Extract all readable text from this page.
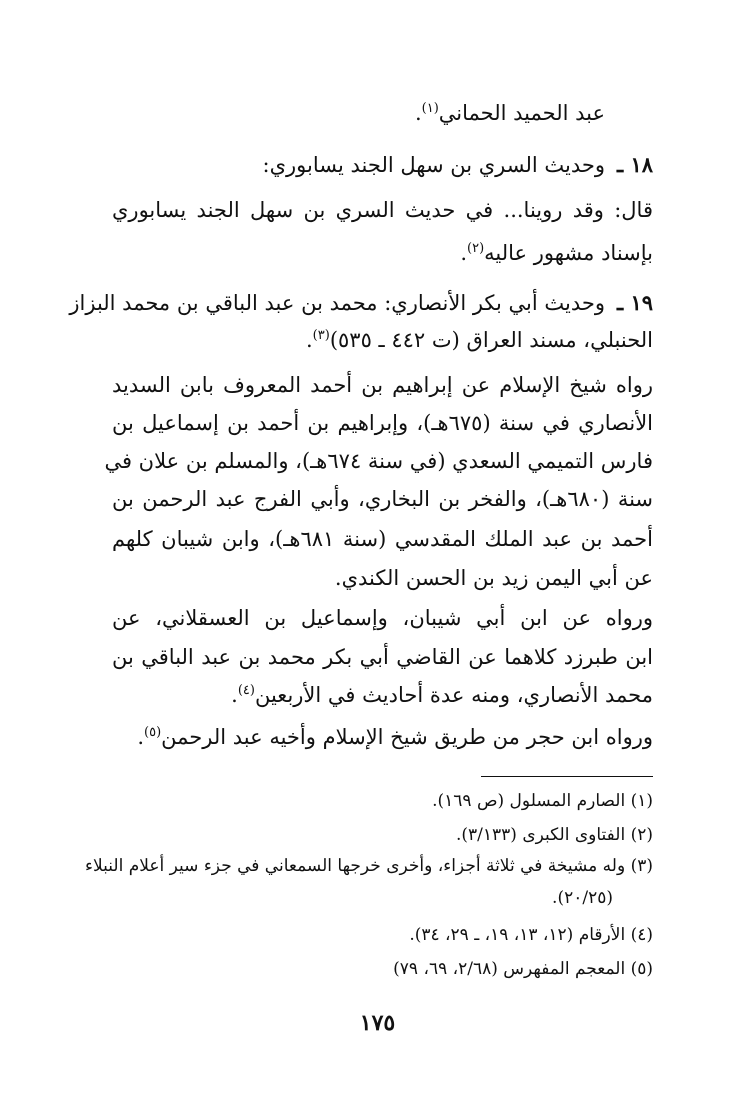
عبد الحميد الحماني$^{(١)}$.
١٨ ـ
وحديث السري بن سهل الجند يسابوري:
قال: وقد روينا... في حديث السري بن سهل الجند يسابوري
بإسناد مشهور عاليه$^{(٢)}$.
١٩ ـ
وحديث أبي بكر الأنصاري: محمد بن عبد الباقي بن محمد البزاز
الحنبلي، مسند العراق (ت ٤٤٢ ـ ٥٣٥)$^{(٣)}$.
رواه شيخ الإسلام عن إبراهيم بن أحمد المعروف بابن السديد
الأنصاري في سنة (٦٧٥هـ)، وإبراهيم بن أحمد بن إسماعيل بن
فارس التميمي السعدي (في سنة ٦٧٤هـ)، والمسلم بن علان في
سنة (٦٨٠هـ)، والفخر بن البخاري، وأبي الفرج عبد الرحمن بن
أحمد بن عبد الملك المقدسي (سنة ٦٨١هـ)، وابن شيبان كلهم
عن أبي اليمن زيد بن الحسن الكندي.
ورواه عن ابن أبي شيبان، وإسماعيل بن العسقلاني، عن
ابن طبرزد كلاهما عن القاضي أبي بكر محمد بن عبد الباقي بن
محمد الأنصاري، ومنه عدة أحاديث في الأربعين$^{(٤)}$.
ورواه ابن حجر من طريق شيخ الإسلام وأخيه عبد الرحمن$^{(٥)}$.
(١) الصارم المسلول (ص ١٦٩).
(٢) الفتاوى الكبرى (٣/١٣٣).
(٣) وله مشيخة في ثلاثة أجزاء، وأخرى خرجها السمعاني في جزء سير أعلام النبلاء
(٢٠/٢٥).
(٤) الأرقام (١٢، ١٣، ١٩، ـ ٢٩، ٣٤).
(٥) المعجم المفهرس (٢/٦٨، ٦٩، ٧٩)
١٧٥
